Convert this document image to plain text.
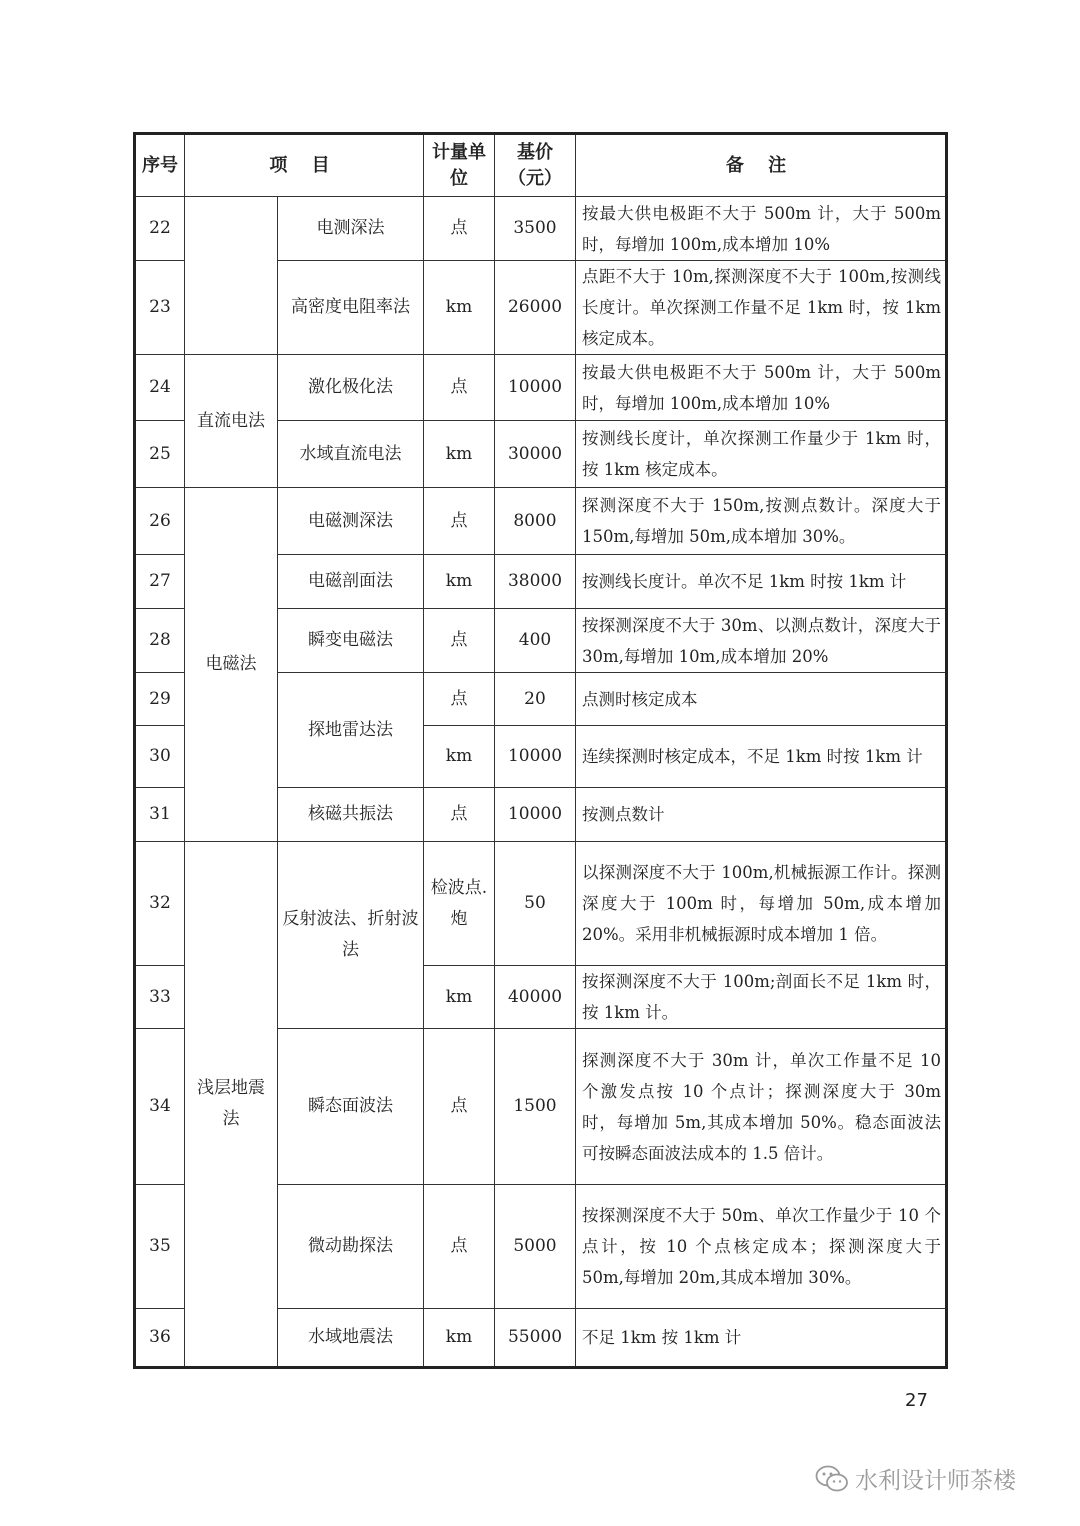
序号	项 目		计量单位	基价（元）	备 注
22		电测深法	点	3500	按最大供电极距不大于 500m 计，大于 500m 时，每增加 100m,成本增加 10%
23		高密度电阻率法	km	26000	点距不大于 10m,探测深度不大于 100m,按测线长度计。单次探测工作量不足 1km 时，按 1km 核定成本。
24	直流电法	激化极化法	点	10000	按最大供电极距不大于 500m 计，大于 500m 时，每增加 100m,成本增加 10%
25		水域直流电法	km	30000	按测线长度计，单次探测工作量少于 1km 时，按 1km 核定成本。
26	电磁法	电磁测深法	点	8000	探测深度不大于 150m,按测点数计。深度大于 150m,每增加 50m,成本增加 30%。
27		电磁剖面法	km	38000	按测线长度计。单次不足 1km 时按 1km 计
28		瞬变电磁法	点	400	按探测深度不大于 30m、以测点数计，深度大于 30m,每增加 10m,成本增加 20%
29		探地雷达法	点	20	点测时核定成本
30			km	10000	连续探测时核定成本，不足 1km 时按 1km 计
31		核磁共振法	点	10000	按测点数计
32	浅层地震法	反射波法、折射波法	检波点.炮	50	以探测深度不大于 100m,机械振源工作计。探测深度大于 100m 时，每增加 50m,成本增加 20%。采用非机械振源时成本增加 1 倍。
33			km	40000	按探测深度不大于 100m;剖面长不足 1km 时，按 1km 计。
34		瞬态面波法	点	1500	探测深度不大于 30m 计，单次工作量不足 10 个激发点按 10 个点计；探测深度大于 30m 时，每增加 5m,其成本增加 50%。稳态面波法可按瞬态面波法成本的 1.5 倍计。
35		微动勘探法	点	5000	按探测深度不大于 50m、单次工作量少于 10 个点计，按 10 个点核定成本；探测深度大于 50m,每增加 20m,其成本增加 30%。
36		水域地震法	km	55000	不足 1km 按 1km 计
27
水利设计师茶楼
